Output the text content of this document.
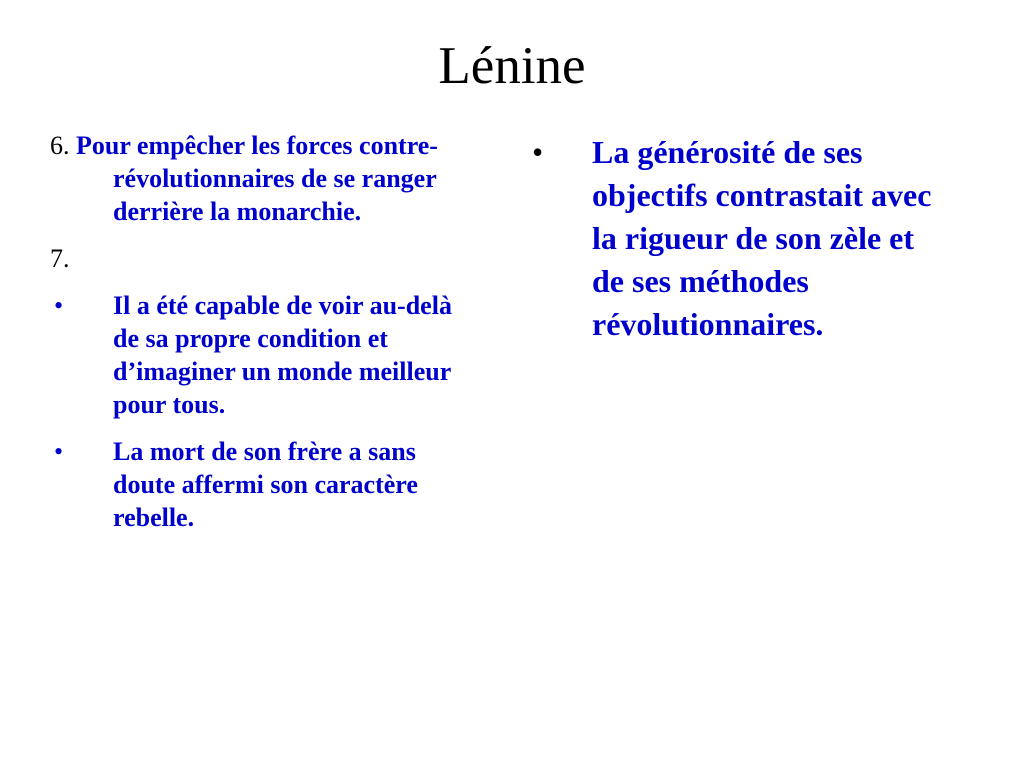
Lénine
6. Pour empêcher les forces contre-révolutionnaires de se ranger derrière la monarchie.
7.
• Il a été capable de voir au-delà de sa propre condition et d’imaginer un monde meilleur pour tous.
• La mort de son frère a sans doute affermi son caractère rebelle.
• La générosité de ses objectifs contrastait avec la rigueur de son zèle et de ses méthodes révolutionnaires.
